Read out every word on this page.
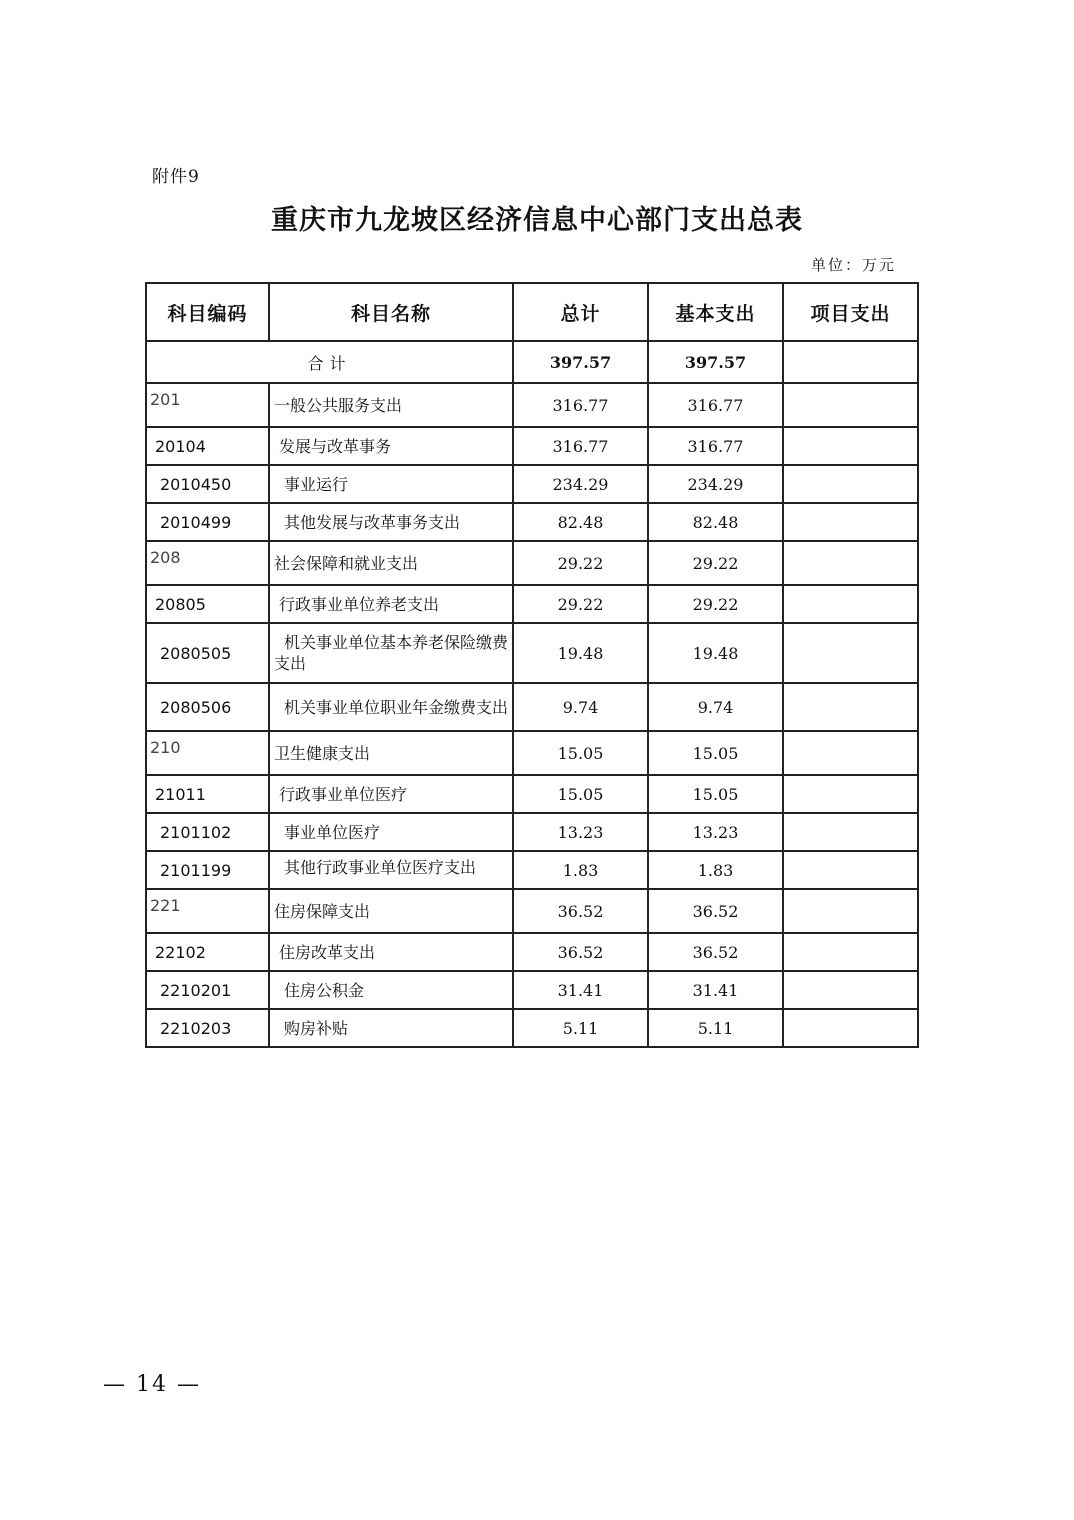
附件9
重庆市九龙坡区经济信息中心部门支出总表
单位：万元
科目编码	科目名称	总计	基本支出	项目支出
合计		397.57	397.57	
201	一般公共服务支出	316.77	316.77	
20104	发展与改革事务	316.77	316.77	
2010450	事业运行	234.29	234.29	
2010499	其他发展与改革事务支出	82.48	82.48	
208	社会保障和就业支出	29.22	29.22	
20805	行政事业单位养老支出	29.22	29.22	
2080505	机关事业单位基本养老保险缴费支出	19.48	19.48	
2080506	机关事业单位职业年金缴费支出	9.74	9.74	
210	卫生健康支出	15.05	15.05	
21011	行政事业单位医疗	15.05	15.05	
2101102	事业单位医疗	13.23	13.23	
2101199	其他行政事业单位医疗支出	1.83	1.83	
221	住房保障支出	36.52	36.52	
22102	住房改革支出	36.52	36.52	
2210201	住房公积金	31.41	31.41	
2210203	购房补贴	5.11	5.11	
— 14 —
